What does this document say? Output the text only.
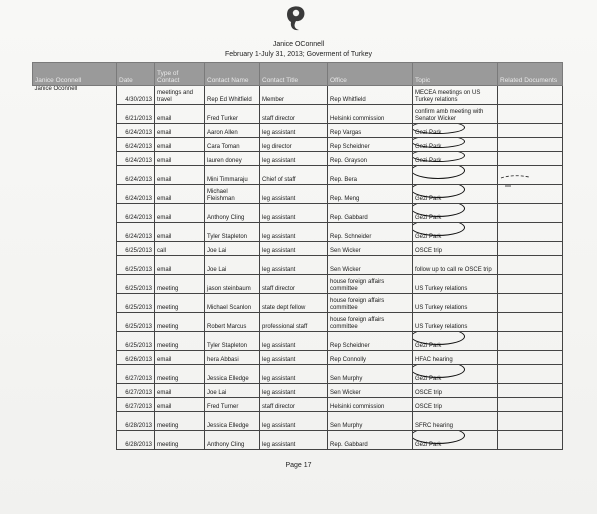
Janice OConnell
February 1-July 31, 2013; Goverment of Turkey
Janice Oconnell	Date	Type of Contact	Contact Name	Contact Title	Office	Topic	Related Documents
Janice Oconnell	4/30/2013	meetings and travel	Rep Ed Whitfield	Member	Rep Whitfield	MECEA meetings on US Turkey relations	
	6/21/2013	email	Fred Turker	staff director	Helsinki commission	confirm amb meeting with Senator Wicker	
	6/24/2013	email	Aaron Allen	leg assistant	Rep Vargas	Gezi Park	
	6/24/2013	email	Cara Toman	leg director	Rep Scheidner	Gezi Park	
	6/24/2013	email	lauren doney	leg assistant	Rep. Grayson	Gezi Park	
	6/24/2013	email	Mini Timmaraju	Chief of staff	Rep. Bera	

	6/24/2013	email	Michael Fleishman	leg assistant	Rep. Meng	Gezi Park	
	6/24/2013	email	Anthony Cling	leg assistant	Rep. Gabbard	Gezi Park	
	6/24/2013	email	Tyler Stapleton	leg assistant	Rep. Schneider	Gezi Park	
	6/25/2013	call	Joe Lai	leg assistant	Sen Wicker	OSCE trip	
	6/25/2013	email	Joe Lai	leg assistant	Sen Wicker	follow up to call re OSCE trip	
	6/25/2013	meeting	jason steinbaum	staff director	house foreign affairs committee	US Turkey relations	
	6/25/2013	meeting	Michael Scanlon	state dept fellow	house foreign affairs committee	US Turkey relations	
	6/25/2013	meeting	Robert Marcus	professional staff	house foreign affairs committee	US Turkey relations	
	6/25/2013	meeting	Tyler Stapleton	leg assistant	Rep Scheidner	Gezi Park	
	6/26/2013	email	hera Abbasi	leg assistant	Rep Connolly	HFAC hearing	
	6/27/2013	meeting	Jessica Elledge	leg assistant	Sen Murphy	Gezi Park	
	6/27/2013	email	Joe Lai	leg assistant	Sen Wicker	OSCE trip	
	6/27/2013	email	Fred Turner	staff director	Helsinki commission	OSCE trip	
	6/28/2013	meeting	Jessica Elledge	leg assistant	Sen Murphy	SFRC hearing	
	6/28/2013	meeting	Anthony Cling	leg assistant	Rep. Gabbard	Gezi Park	
Page 17
